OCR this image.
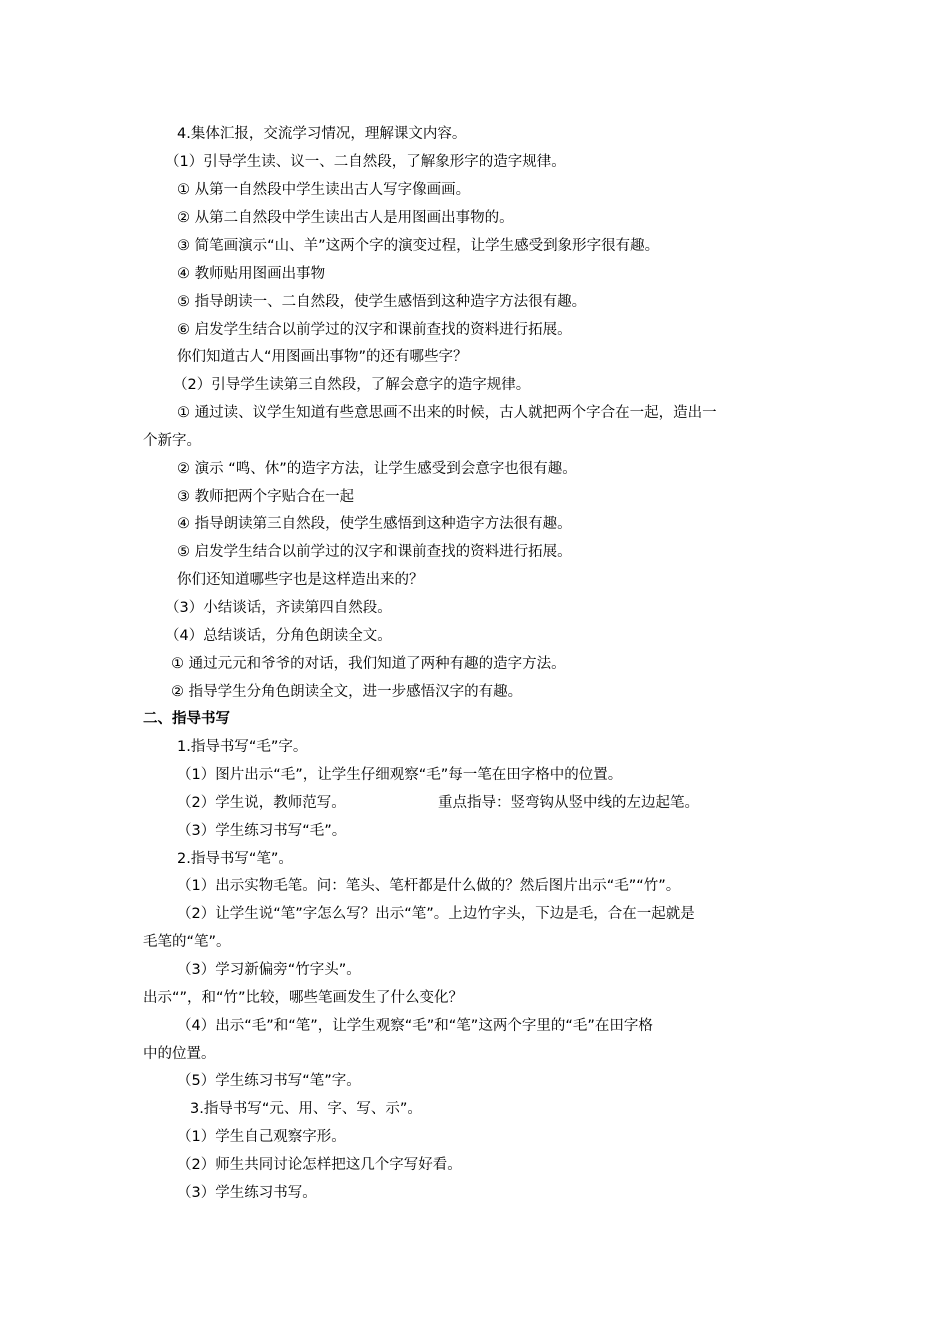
4.集体汇报，交流学习情况，理解课文内容。
（1）引导学生读、议一、二自然段，了解象形字的造字规律。
① 从第一自然段中学生读出古人写字像画画。
② 从第二自然段中学生读出古人是用图画出事物的。
③ 简笔画演示“山、羊”这两个字的演变过程，让学生感受到象形字很有趣。
④ 教师贴用图画出事物
⑤ 指导朗读一、二自然段，使学生感悟到这种造字方法很有趣。
⑥ 启发学生结合以前学过的汉字和课前查找的资料进行拓展。
你们知道古人“用图画出事物”的还有哪些字？
（2）引导学生读第三自然段，了解会意字的造字规律。
① 通过读、议学生知道有些意思画不出来的时候，古人就把两个字合在一起，造出一
个新字。
② 演示 “鸣、休”的造字方法，让学生感受到会意字也很有趣。
③ 教师把两个字贴合在一起
④ 指导朗读第三自然段，使学生感悟到这种造字方法很有趣。
⑤ 启发学生结合以前学过的汉字和课前查找的资料进行拓展。
你们还知道哪些字也是这样造出来的？
（3）小结谈话，齐读第四自然段。
（4）总结谈话，分角色朗读全文。
① 通过元元和爷爷的对话，我们知道了两种有趣的造字方法。
② 指导学生分角色朗读全文，进一步感悟汉字的有趣。
二、指导书写
1.指导书写“毛”字。
（1）图片出示“毛”，让学生仔细观察“毛”每一笔在田字格中的位置。
（2）学生说，教师范写。	重点指导：竖弯钩从竖中线的左边起笔。
（3）学生练习书写“毛”。
2.指导书写“笔”。
（1）出示实物毛笔。问：笔头、笔杆都是什么做的？然后图片出示“毛”“竹”。
（2）让学生说“笔”字怎么写？出示“笔”。上边竹字头，下边是毛，合在一起就是
毛笔的“笔”。
（3）学习新偏旁“竹字头”。
出示“”，和“竹”比较，哪些笔画发生了什么变化？
（4）出示“毛”和“笔”，让学生观察“毛”和“笔”这两个字里的“毛”在田字格
中的位置。
（5）学生练习书写“笔”字。
3.指导书写“元、用、字、写、示”。
（1）学生自己观察字形。
（2）师生共同讨论怎样把这几个字写好看。
（3）学生练习书写。
